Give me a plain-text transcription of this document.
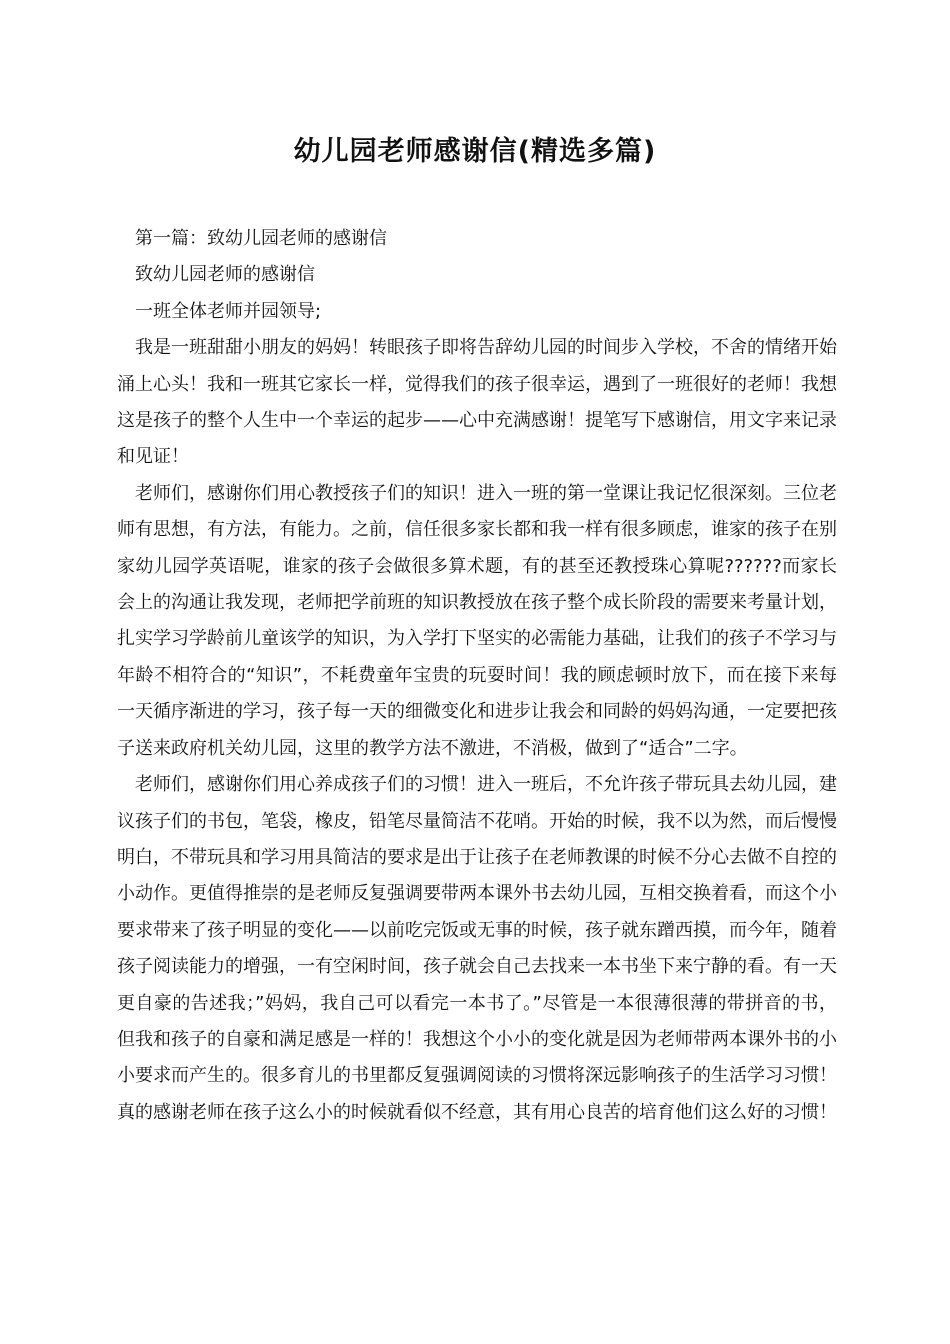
幼儿园老师感谢信(精选多篇)

第一篇：致幼儿园老师的感谢信

致幼儿园老师的感谢信

一班全体老师并园领导;

我是一班甜甜小朋友的妈妈！转眼孩子即将告辞幼儿园的时间步入学校，不舍的情绪开始涌上心头！我和一班其它家长一样，觉得我们的孩子很幸运，遇到了一班很好的老师！我想这是孩子的整个人生中一个幸运的起步——心中充满感谢！提笔写下感谢信，用文字来记录和见证！

老师们，感谢你们用心教授孩子们的知识！进入一班的第一堂课让我记忆很深刻。三位老师有思想，有方法，有能力。之前，信任很多家长都和我一样有很多顾虑，谁家的孩子在别家幼儿园学英语呢，谁家的孩子会做很多算术题，有的甚至还教授珠心算呢??????而家长会上的沟通让我发现，老师把学前班的知识教授放在孩子整个成长阶段的需要来考量计划，扎实学习学龄前儿童该学的知识，为入学打下坚实的必需能力基础，让我们的孩子不学习与年龄不相符合的“知识”，不耗费童年宝贵的玩耍时间！我的顾虑顿时放下，而在接下来每一天循序渐进的学习，孩子每一天的细微变化和进步让我会和同龄的妈妈沟通，一定要把孩子送来政府机关幼儿园，这里的教学方法不激进，不消极，做到了“适合”二字。

老师们，感谢你们用心养成孩子们的习惯！进入一班后，不允许孩子带玩具去幼儿园，建议孩子们的书包，笔袋，橡皮，铅笔尽量简洁不花哨。开始的时候，我不以为然，而后慢慢明白，不带玩具和学习用具简洁的要求是出于让孩子在老师教课的时候不分心去做不自控的小动作。更值得推崇的是老师反复强调要带两本课外书去幼儿园，互相交换着看，而这个小要求带来了孩子明显的变化——以前吃完饭或无事的时候，孩子就东蹭西摸，而今年，随着孩子阅读能力的增强，一有空闲时间，孩子就会自己去找来一本书坐下来宁静的看。有一天更自豪的告述我；”妈妈，我自己可以看完一本书了。”尽管是一本很薄很薄的带拼音的书，但我和孩子的自豪和满足感是一样的！我想这个小小的变化就是因为老师带两本课外书的小小要求而产生的。很多育儿的书里都反复强调阅读的习惯将深远影响孩子的生活学习习惯！真的感谢老师在孩子这么小的时候就看似不经意，其有用心良苦的培育他们这么好的习惯！
